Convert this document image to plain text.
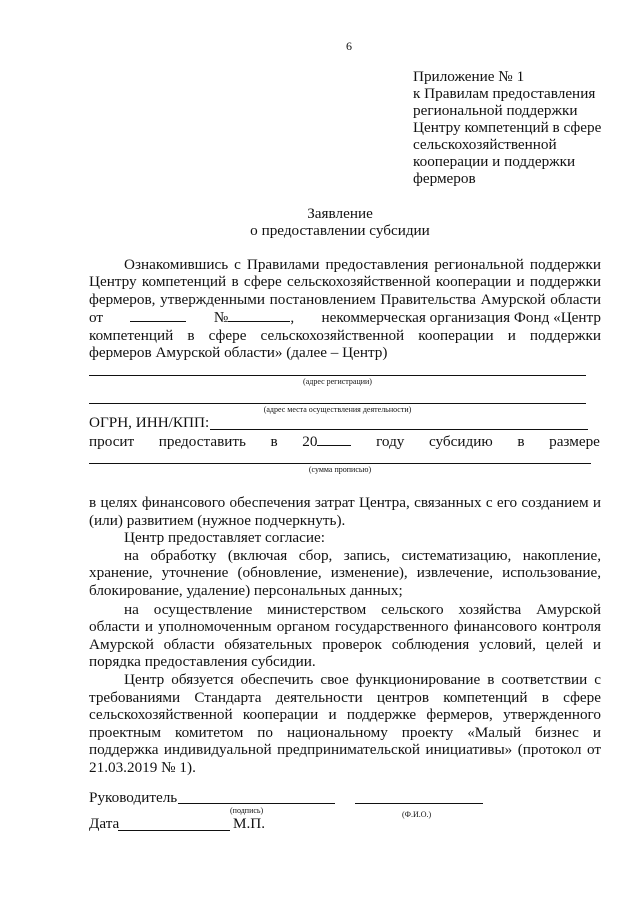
6
Приложение № 1
к Правилам предоставления
региональной поддержки
Центру компетенций в сфере
сельскохозяйственной
кооперации и поддержки
фермеров
Заявление
о предоставлении субсидии
Ознакомившись с Правилами предоставления региональной поддержки
Центру компетенций в сфере сельскохозяйственной кооперации и поддержки
фермеров, утвержденными постановлением Правительства Амурской области
от	№	, некоммерческая организация Фонд «Центр
компетенций в сфере сельскохозяйственной кооперации и поддержки
фермеров Амурской области» (далее – Центр)
(адрес регистрации)
(адрес места осуществления деятельности)
ОГРН, ИНН/КПП:
просит предоставить в 20	году субсидию в размере
(сумма прописью)
в целях финансового обеспечения затрат Центра, связанных с его созданием и
(или) развитием (нужное подчеркнуть).
Центр предоставляет согласие:
на обработку (включая сбор, запись, систематизацию, накопление,
хранение, уточнение (обновление, изменение), извлечение, использование,
блокирование, удаление) персональных данных;
на осуществление министерством сельского хозяйства Амурской
области и уполномоченным органом государственного финансового контроля
Амурской области обязательных проверок соблюдения условий, целей и
порядка предоставления субсидии.
Центр обязуется обеспечить свое функционирование в соответствии с
требованиями Стандарта деятельности центров компетенций в сфере
сельскохозяйственной кооперации и поддержке фермеров, утвержденного
проектным комитетом по национальному проекту «Малый бизнес и
поддержка индивидуальной предпринимательской инициативы» (протокол от
21.03.2019 № 1).
Руководитель
(подпись)	(Ф.И.О.)
Дата	М.П.
